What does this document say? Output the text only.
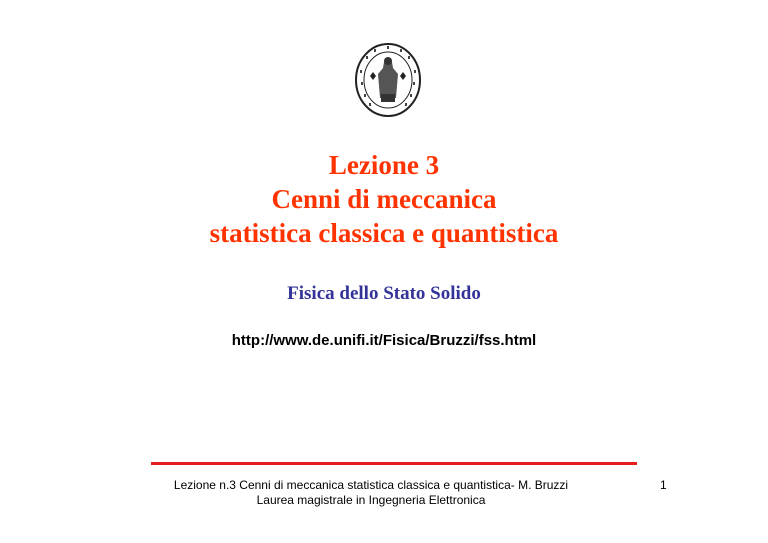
Lezione 3
Cenni di meccanica
statistica classica e quantistica
Fisica dello Stato Solido
http://www.de.unifi.it/Fisica/Bruzzi/fss.html
Lezione n.3 Cenni di meccanica statistica classica e quantistica- M. Bruzzi
Laurea magistrale in Ingegneria Elettronica
1
